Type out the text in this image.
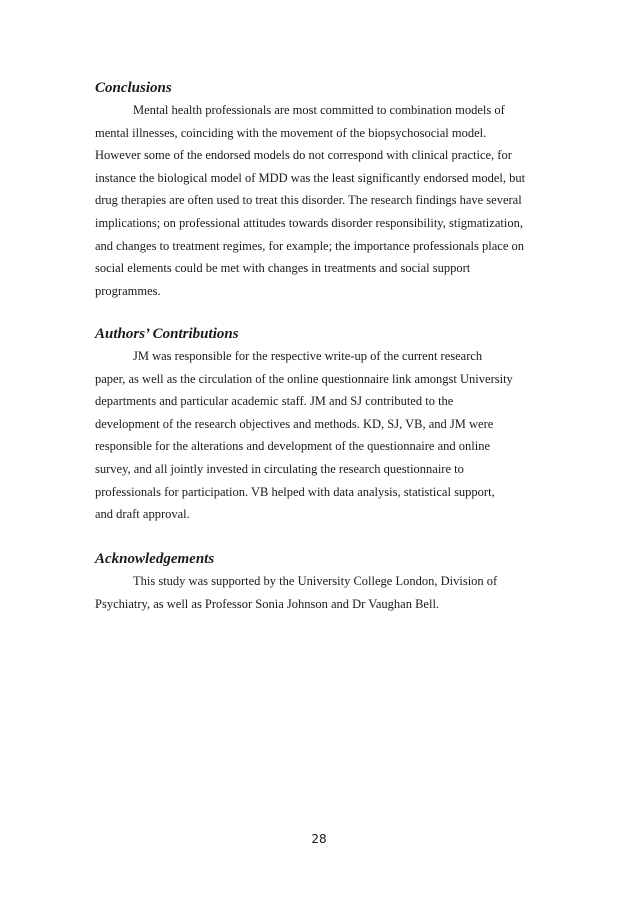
Conclusions
Mental health professionals are most committed to combination models of
mental illnesses, coinciding with the movement of the biopsychosocial model.
However some of the endorsed models do not correspond with clinical practice, for
instance the biological model of MDD was the least significantly endorsed model, but
drug therapies are often used to treat this disorder. The research findings have several
implications; on professional attitudes towards disorder responsibility, stigmatization,
and changes to treatment regimes, for example; the importance professionals place on
social elements could be met with changes in treatments and social support
programmes.
Authors’ Contributions
JM was responsible for the respective write-up of the current research
paper, as well as the circulation of the online questionnaire link amongst University
departments and particular academic staff. JM and SJ contributed to the
development of the research objectives and methods. KD, SJ, VB, and JM were
responsible for the alterations and development of the questionnaire and online
survey, and all jointly invested in circulating the research questionnaire to
professionals for participation. VB helped with data analysis, statistical support,
and draft approval.
Acknowledgements
This study was supported by the University College London, Division of
Psychiatry, as well as Professor Sonia Johnson and Dr Vaughan Bell.
28
